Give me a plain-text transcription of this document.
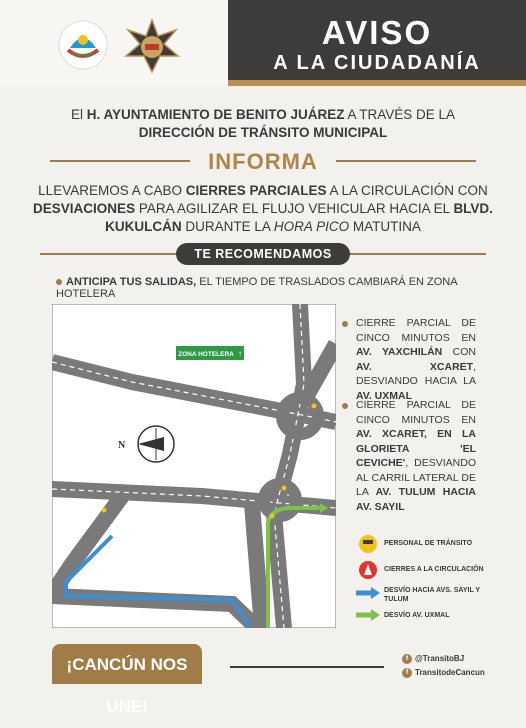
AVISO
A LA CIUDADANÍA
El H. AYUNTAMIENTO DE BENITO JUÁREZ A TRAVÉS DE LA
DIRECCIÓN DE TRÁNSITO MUNICIPAL
INFORMA
LLEVAREMOS A CABO CIERRES PARCIALES A LA CIRCULACIÓN CON DESVIACIONES PARA AGILIZAR EL FLUJO VEHICULAR HACIA EL BLVD. KUKULCÁN DURANTE LA HORA PICO MATUTINA
TE RECOMENDAMOS
ANTICIPA TUS SALIDAS, EL TIEMPO DE TRASLADOS CAMBIARÁ EN ZONA HOTELERA
ZONA HOTELERA ↑
N
CIERRE PARCIAL DE CINCO MINUTOS EN AV. YAXCHILÁN CON AV. XCARET, DESVIANDO HACIA LA AV. UXMAL
CIERRE PARCIAL DE CINCO MINUTOS EN AV. XCARET, EN LA GLORIETA 'EL CEVICHE', DESVIANDO AL CARRIL LATERAL DE LA AV. TULUM HACIA AV. SAYIL
PERSONAL DE TRÁNSITO
CIERRES A LA CIRCULACIÓN
DESVÍO HACIA AVS. SAYIL Y TULUM
DESVÍO AV. UXMAL
¡CANCÚN NOS UNE!
t @TransitoBJ
f TransitodeCancun
